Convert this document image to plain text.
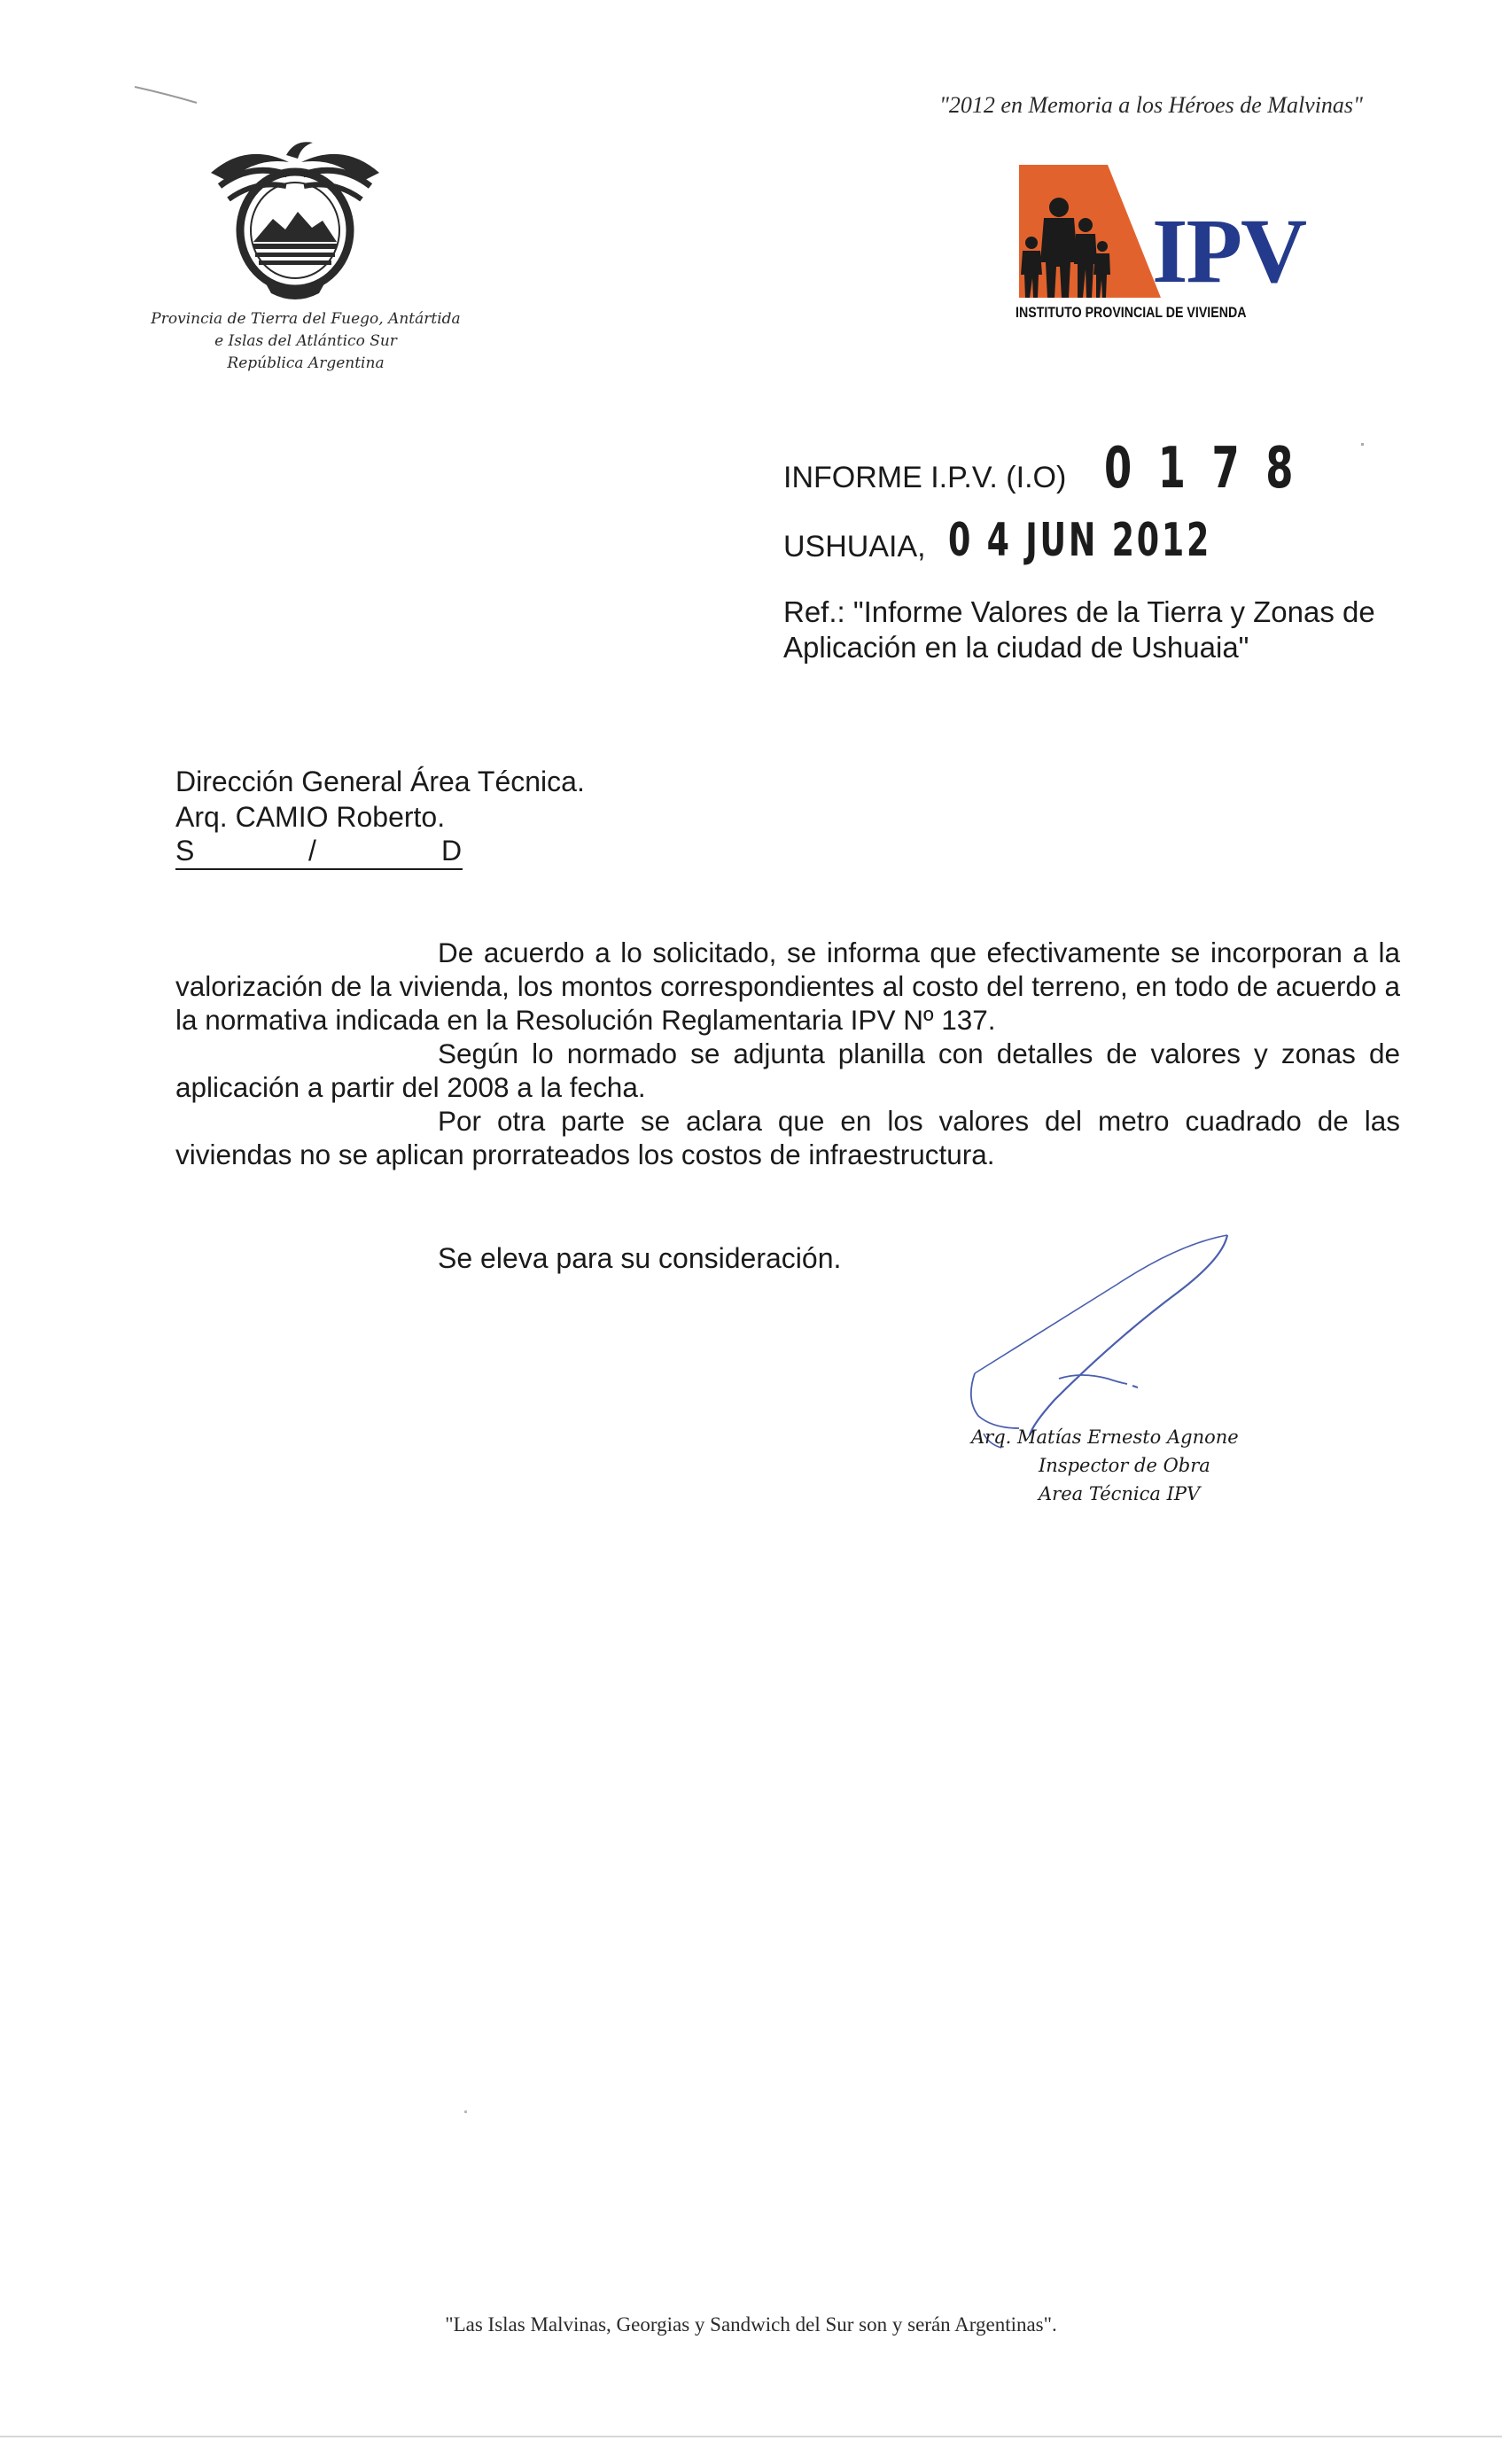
"2012 en Memoria a los Héroes de Malvinas"
Provincia de Tierra del Fuego, Antártida
e Islas del Atlántico Sur
República Argentina
IPV
INSTITUTO PROVINCIAL DE VIVIENDA
INFORME I.P.V. (I.O) 0 1 7 8
USHUAIA, 0 4 JUN 2012
Ref.: "Informe Valores de la Tierra y Zonas de
Aplicación en la ciudad de Ushuaia"
Dirección General Área Técnica.
Arq. CAMIO Roberto.
S	/	D
De acuerdo a lo solicitado, se informa que efectivamente se incorporan a la valorización de la vivienda, los montos correspondientes al costo del terreno, en todo de acuerdo a la normativa indicada en la Resolución Reglamentaria IPV Nº 137.
Según lo normado se adjunta planilla con detalles de valores y zonas de aplicación a partir del 2008 a la fecha.
Por otra parte se aclara que en los valores del metro cuadrado de las viviendas no se aplican prorrateados los costos de infraestructura.
Se eleva para su consideración.
Arq. Matías Ernesto Agnone
Inspector de Obra
Area Técnica IPV
"Las Islas Malvinas, Georgias y Sandwich del Sur son y serán Argentinas".
